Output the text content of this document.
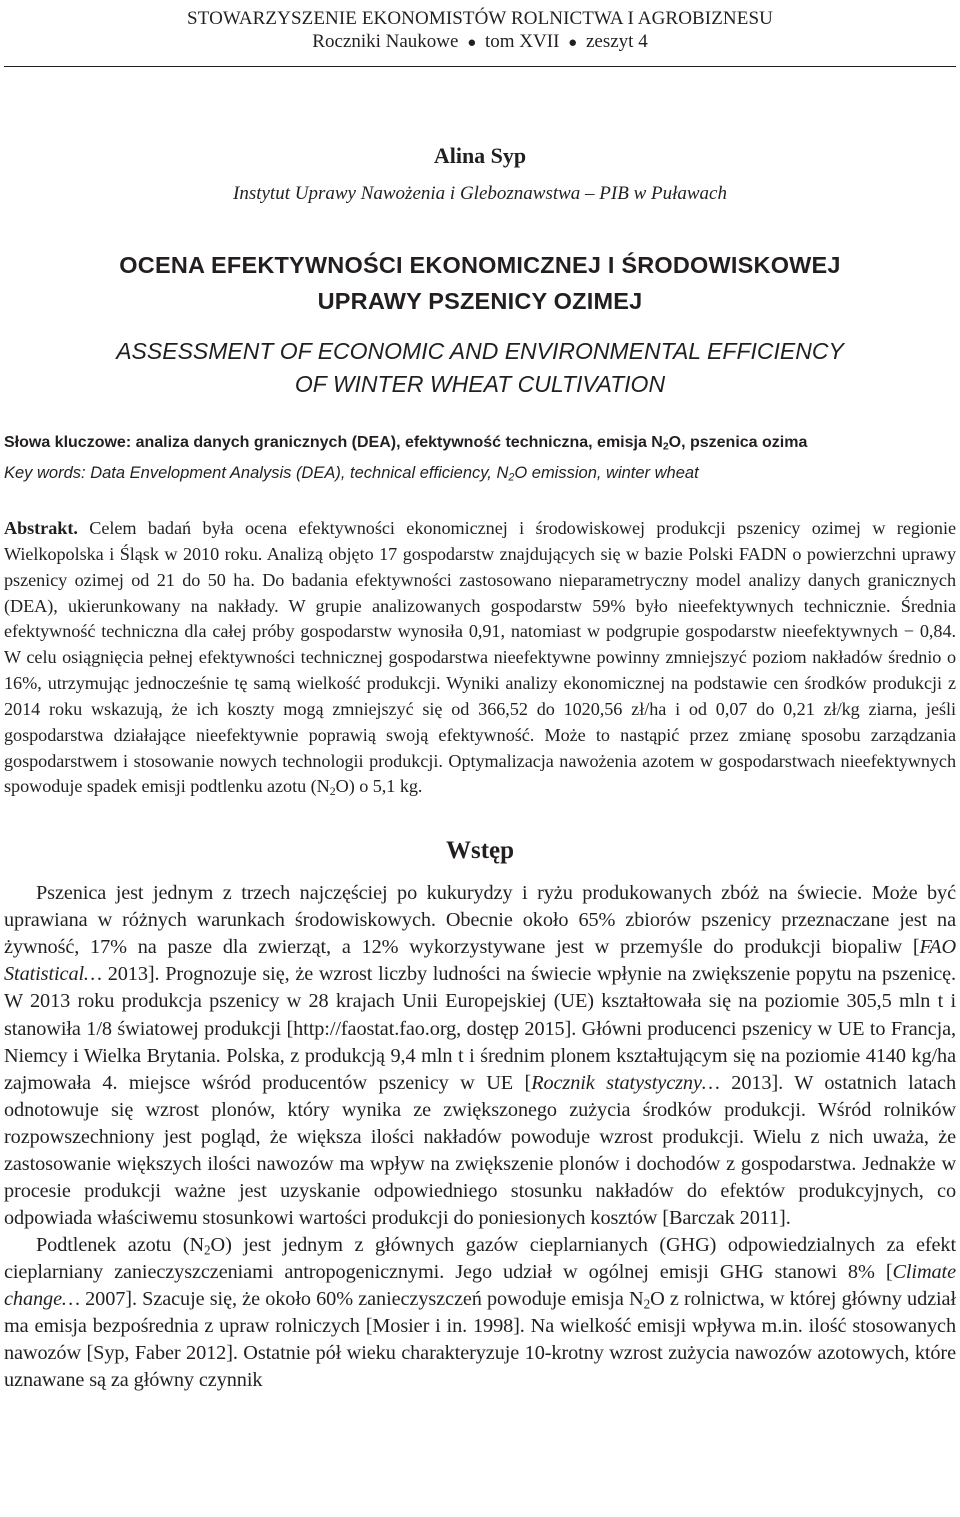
STOWARZYSZENIE EKONOMISTÓW ROLNICTWA I AGROBIZNESU
Roczniki Naukowe ● tom XVII ● zeszyt 4
Alina Syp
Instytut Uprawy Nawożenia i Gleboznawstwa – PIB w Puławach
OCENA EFEKTYWNOŚCI EKONOMICZNEJ I ŚRODOWISKOWEJ
UPRAWY PSZENICY OZIMEJ
ASSESSMENT OF ECONOMIC AND ENVIRONMENTAL EFFICIENCY
OF WINTER WHEAT CULTIVATION
Słowa kluczowe: analiza danych granicznych (DEA), efektywność techniczna, emisja $N_2O$, pszenica ozima
Key words: Data Envelopment Analysis (DEA), technical efficiency, $N_2O$ emission, winter wheat
Abstrakt. Celem badań była ocena efektywności ekonomicznej i środowiskowej produkcji pszenicy ozimej w regionie Wielkopolska i Śląsk w 2010 roku. Analizą objęto 17 gospodarstw znajdujących się w bazie Polski FADN o powierzchni uprawy pszenicy ozimej od 21 do 50 ha. Do badania efektywności zastosowano nieparametryczny model analizy danych granicznych (DEA), ukierunkowany na nakłady. W grupie analizowanych gospodarstw 59% było nieefektywnych technicznie. Średnia efektywność techniczna dla całej próby gospodarstw wynosiła 0,91, natomiast w podgrupie gospodarstw nieefektywnych − 0,84. W celu osiągnięcia pełnej efektywności technicznej gospodarstwa nieefektywne powinny zmniejszyć poziom nakładów średnio o 16%, utrzymując jednocześnie tę samą wielkość produkcji. Wyniki analizy ekonomicznej na podstawie cen środków produkcji z 2014 roku wskazują, że ich koszty mogą zmniejszyć się od 366,52 do 1020,56 zł/ha i od 0,07 do 0,21 zł/kg ziarna, jeśli gospodarstwa działające nieefektywnie poprawią swoją efektywność. Może to nastąpić przez zmianę sposobu zarządzania gospodarstwem i stosowanie nowych technologii produkcji. Optymalizacja nawożenia azotem w gospodarstwach nieefektywnych spowoduje spadek emisji podtlenku azotu $(N_2O)$ o 5,1 kg.
Wstęp

Pszenica jest jednym z trzech najczęściej po kukurydzy i ryżu produkowanych zbóż na świecie. Może być uprawiana w różnych warunkach środowiskowych. Obecnie około 65% zbiorów pszenicy przeznaczane jest na żywność, 17% na pasze dla zwierząt, a 12% wykorzystywane jest w przemyśle do produkcji biopaliw [FAO Statistical… 2013]. Prognozuje się, że wzrost liczby ludności na świecie wpłynie na zwiększenie popytu na pszenicę. W 2013 roku produkcja pszenicy w 28 krajach Unii Europejskiej (UE) kształtowała się na poziomie 305,5 mln t i stanowiła 1/8 światowej produkcji [http://faostat.fao.org, dostęp 2015]. Główni producenci pszenicy w UE to Francja, Niemcy i Wielka Brytania. Polska, z produkcją 9,4 mln t i średnim plonem kształtującym się na poziomie 4140 kg/ha zajmowała 4. miejsce wśród producentów pszenicy w UE [Rocznik statystyczny… 2013]. W ostatnich latach odnotowuje się wzrost plonów, który wynika ze zwiększonego zużycia środków produkcji. Wśród rolników rozpowszechniony jest pogląd, że większa ilości nakładów powoduje wzrost produkcji. Wielu z nich uważa, że zastosowanie większych ilości nawozów ma wpływ na zwiększenie plonów i dochodów z gospodarstwa. Jednakże w procesie produkcji ważne jest uzyskanie odpowiedniego stosunku nakładów do efektów produkcyjnych, co odpowiada właściwemu stosunkowi wartości produkcji do poniesionych kosztów [Barczak 2011].

Podtlenek azotu $(N_2O)$ jest jednym z głównych gazów cieplarnianych (GHG) odpowiedzialnych za efekt cieplarniany zanieczyszczeniami antropogenicznymi. Jego udział w ogólnej emisji GHG stanowi 8% [Climate change… 2007]. Szacuje się, że około 60% zanieczyszczeń powoduje emisja $N_2O$ z rolnictwa, w której główny udział ma emisja bezpośrednia z upraw rolniczych [Mosier i in. 1998]. Na wielkość emisji wpływa m.in. ilość stosowanych nawozów [Syp, Faber 2012]. Ostatnie pół wieku charakteryzuje 10-krotny wzrost zużycia nawozów azotowych, które uznawane są za główny czynnik
